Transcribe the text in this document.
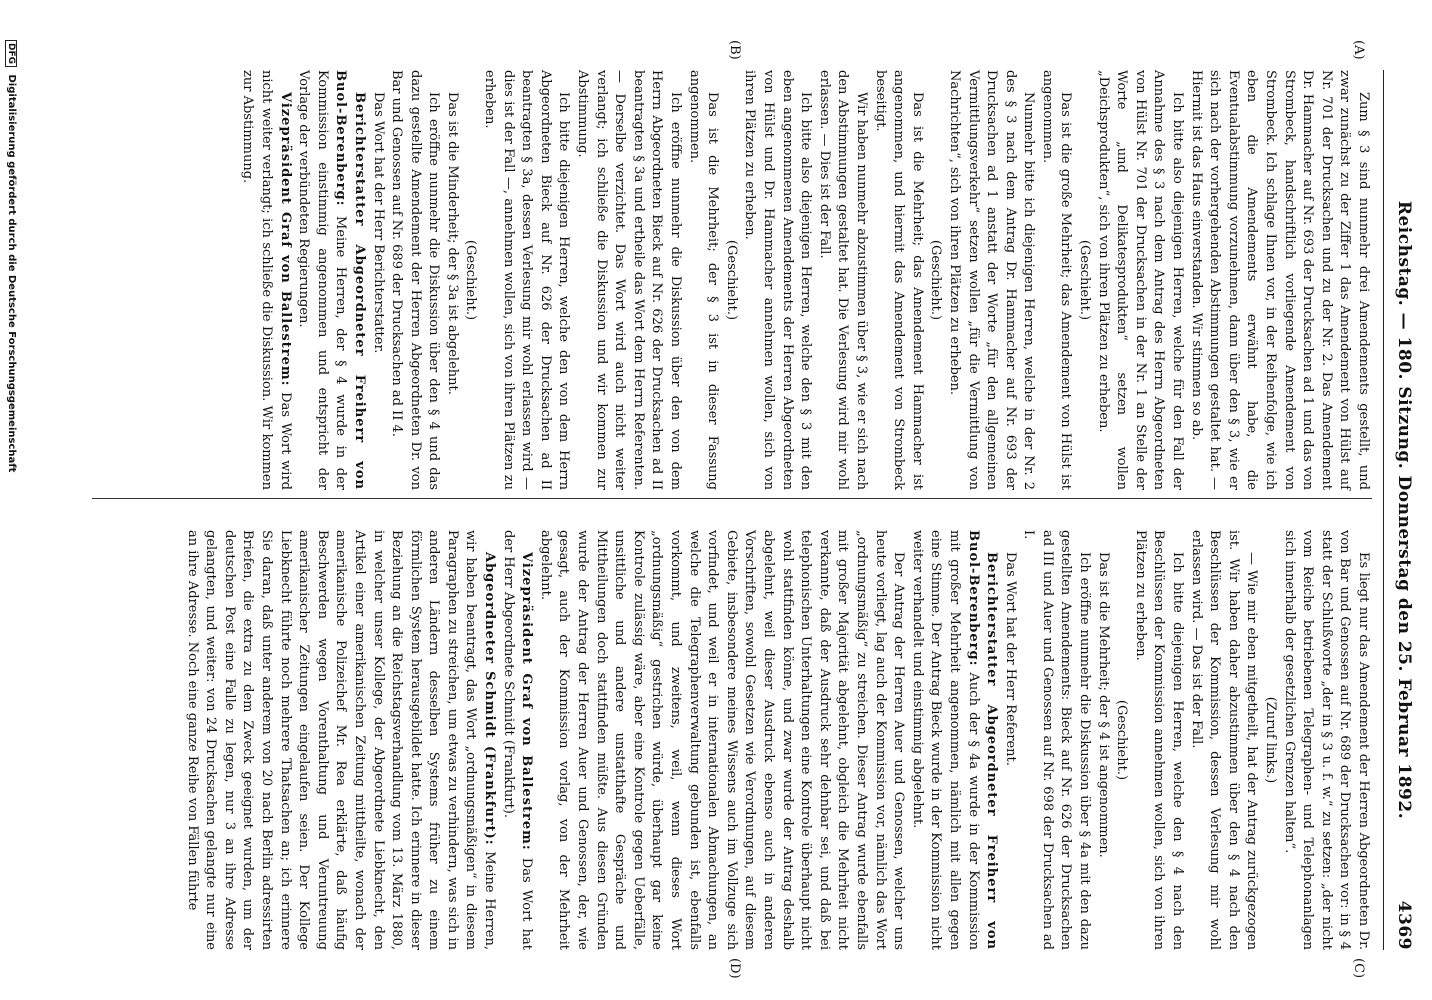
Reichstag. — 180. Sitzung. Donnerstag den 25. Februar 1892.
4369
(A)
(B)
(C)
(D)

Zum § 3 sind nunmehr drei Amendements gestellt, und zwar zunächst zu der Ziffer 1 das Amendement von Hülst auf Nr. 701 der Drucksachen und zu der Nr. 2. Das Amendement Dr. Hammacher auf Nr. 693 der Drucksachen ad 1 und das von Strombeck, handschriftlich vorliegende Amendement von Strombeck. Ich schlage Ihnen vor, in der Reihenfolge, wie ich eben die Amendements erwähnt habe, die Eventualabstimmung vorzunehmen, dann über den § 3, wie er sich nach der vorhergehenden Abstimmungen gestaltet hat. — Hiermit ist das Haus einverstanden. Wir stimmen so ab.

Ich bitte also diejenigen Herren, welche für den Fall der Annahme des § 3 nach dem Antrag des Herrn Abgeordneten von Hülst Nr. 701 der Drucksachen in der Nr. 1 an Stelle der Worte „und Delikatesprodukten“ setzen wollen „Deichsprodukten“, sich von ihren Plätzen zu erheben.

(Geschieht.)

Das ist die große Mehrheit; das Amendement von Hülst ist angenommen.

Nunmehr bitte ich diejenigen Herren, welche in der Nr. 2 des § 3 nach dem Antrag Dr. Hammacher auf Nr. 693 der Drucksachen ad 1 anstatt der Worte „für den allgemeinen Vermittlungsverkehr“ setzen wollen „für die Vermittlung von Nachrichten“, sich von ihren Plätzen zu erheben.

(Geschieht.)

Das ist die Mehrheit; das Amendement Hammacher ist angenommen, und hiermit das Amendement von Strombeck beseitigt.

Wir haben nunmehr abzustimmen über § 3, wie er sich nach den Abstimmungen gestaltet hat. Die Verlesung wird mir wohl erlassen. — Dies ist der Fall.

Ich bitte also diejenigen Herren, welche den § 3 mit den eben angenommenen Amendements der Herren Abgeordneten von Hülst und Dr. Hammacher annehmen wollen, sich von ihren Plätzen zu erheben.

(Geschieht.)

Das ist die Mehrheit; der § 3 ist in dieser Fassung angenommen.

Ich eröffne nunmehr die Diskussion über den von dem Herrn Abgeordneten Bieck auf Nr. 626 der Drucksachen ad II beantragten § 3a und ertheile das Wort dem Herrn Referenten. — Derselbe verzichtet. Das Wort wird auch nicht weiter verlangt; ich schließe die Diskussion und wir kommen zur Abstimmung.

Ich bitte diejenigen Herren, welche den von dem Herrn Abgeordneten Bieck auf Nr. 626 der Drucksachen ad II beantragten § 3a, dessen Verlesung mir wohl erlassen wird — dies ist der Fall —, annehmen wollen, sich von ihren Plätzen zu erheben.

(Geschieht.)

Das ist die Minderheit; der § 3a ist abgelehnt.

Ich eröffne nunmehr die Diskussion über den § 4 und das dazu gestellte Amendement der Herren Abgeordneten Dr. von Bar und Genossen auf Nr. 689 der Drucksachen ad II 4.

Das Wort hat der Herr Berichterstatter.

Berichterstatter Abgeordneter Freiherr von Buol-Berenberg: Meine Herren, der § 4 wurde in der Kommission einstimmig angenommen und entspricht der Vorlage der verbündeten Regierungen.

Vizepräsident Graf von Ballestrem: Das Wort wird nicht weiter verlangt; ich schließe die Diskussion. Wir kommen zur Abstimmung.

Es liegt nur das Amendement der Herren Abgeordneten Dr. von Bar und Genossen auf Nr. 689 der Drucksachen vor: in § 4 statt der Schlußworte „der in § 3 u. f. w.“ zu setzen: „der nicht vom Reiche betriebenen Telegraphen- und Telephonanlagen sich innerhalb der gesetzlichen Grenzen halten“.

(Zuruf links.)

— Wie mir eben mitgetheilt, hat der Antrag zurückgezogen ist. Wir haben daher abzustimmen über den § 4 nach den Beschlüssen der Kommission, dessen Verlesung mir wohl erlassen wird. — Das ist der Fall.

Ich bitte diejenigen Herren, welche den § 4 nach den Beschlüssen der Kommission annehmen wollen, sich von ihren Plätzen zu erheben.

(Geschieht.)

Das ist die Mehrheit; der § 4 ist angenommen.

Ich eröffne nunmehr die Diskussion über § 4a mit den dazu gestellten Amendements: Bieck auf Nr. 626 der Drucksachen ad III und Auer und Genossen auf Nr. 698 der Drucksachen ad I.

Das Wort hat der Herr Referent.

Berichterstatter Abgeordneter Freiherr von Buol-Berenberg: Auch der § 4a wurde in der Kommission mit großer Mehrheit angenommen, nämlich mit allen gegen eine Stimme. Der Antrag Bieck wurde in der Kommission nicht weiter verhandelt und einstimmig abgelehnt.

Der Antrag der Herren Auer und Genossen, welcher uns heute vorliegt, lag auch der Kommission vor, nämlich das Wort „ordnungsmäßig“ zu streichen. Dieser Antrag wurde ebenfalls mit großer Majorität abgelehnt, obgleich die Mehrheit nicht verkannte, daß der Ausdruck sehr dehnbar sei, und daß bei telephonischen Unterhaltungen eine Kontrole überhaupt nicht wohl stattfinden könne, und zwar wurde der Antrag deshalb abgelehnt, weil dieser Ausdruck ebenso auch in anderen Vorschriften, sowohl Gesetzen wie Verordnungen, auf diesem Gebiete, insbesondere meines Wissens auch im Vollzuge sich vorfindet, und weil er in internationalen Abmachungen, an welche die Telegraphenverwaltung gebunden ist, ebenfalls vorkommt, und zweitens, weil, wenn dieses Wort „ordnungsmäßig“ gestrichen würde, überhaupt gar keine Kontrole zulässig wäre, aber eine Kontrole gegen Ueberfälle, unsittliche und andere unstatthafte Gespräche und Mittheilungen doch stattfinden müßte. Aus diesen Gründen wurde der Antrag der Herren Auer und Genossen, der, wie gesagt, auch der Kommission vorlag, von der Mehrheit abgelehnt.

Vizepräsident Graf von Ballestrem: Das Wort hat der Herr Abgeordnete Schmidt (Frankfurt).

Abgeordneter Schmidt (Frankfurt): Meine Herren, wir haben beantragt, das Wort „ordnungsmäßigen“ in diesem Paragraphen zu streichen, um etwas zu verhindern, was sich in anderen Ländern desselben Systems früher zu einem förmlichen System herausgebildet hatte. Ich erinnere in dieser Beziehung an die Reichstagsverhandlung vom 13. März 1880, in welcher unser Kollege, der Abgeordnete Liebknecht, den Artikel einer amerikanischen Zeitung mittheilte, wonach der amerikanische Polizeichef Mr. Rea erklärte, daß häufig Beschwerden wegen Vorenthaltung und Veruntreuung amerikanischer Zeitungen eingelaufen seien. Der Kollege Liebknecht führte noch mehrere Thatsachen an; ich erinnere Sie daran, daß unter anderem von 20 nach Berlin adressirten Briefen, die extra zu dem Zweck geeignet wurden, um der deutschen Post eine Falle zu legen, nur 3 an ihre Adresse gelangten, und weiter: von 24 Drucksachen gelangte nur eine an ihre Adresse. Noch eine ganze Reihe von Fällen führte

DFG Digitalisierung gefördert durch die Deutsche Forschungsgemeinschaft
